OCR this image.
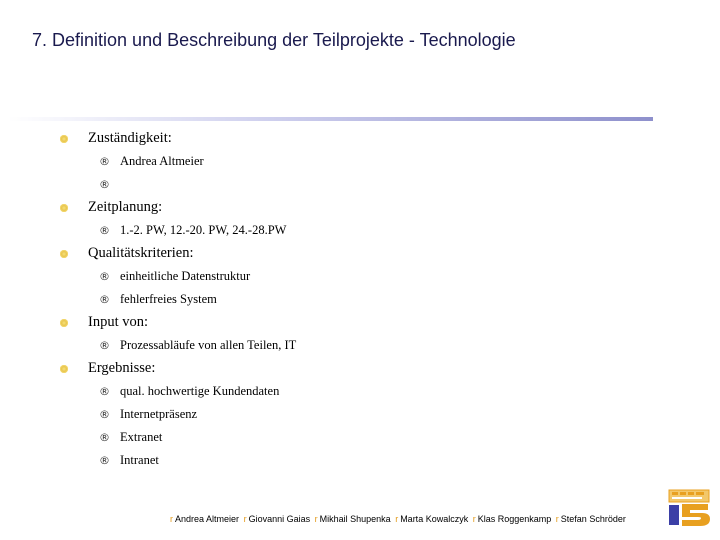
7. Definition und Beschreibung der Teilprojekte - Technologie
Zuständigkeit:
® Andrea Altmeier
®
Zeitplanung:
® 1.-2. PW, 12.-20. PW, 24.-28.PW
Qualitätskriterien:
® einheitliche Datenstruktur
® fehlerfreies System
Input von:
® Prozessabläufe von allen Teilen, IT
Ergebnisse:
® qual. hochwertige Kundendaten
® Internetpräsenz
® Extranet
® Intranet
r Andrea Altmeier r Giovanni Gaias r Mikhail Shupenka r Marta Kowalczyk r Klas Roggenkamp r Stefan Schröder
